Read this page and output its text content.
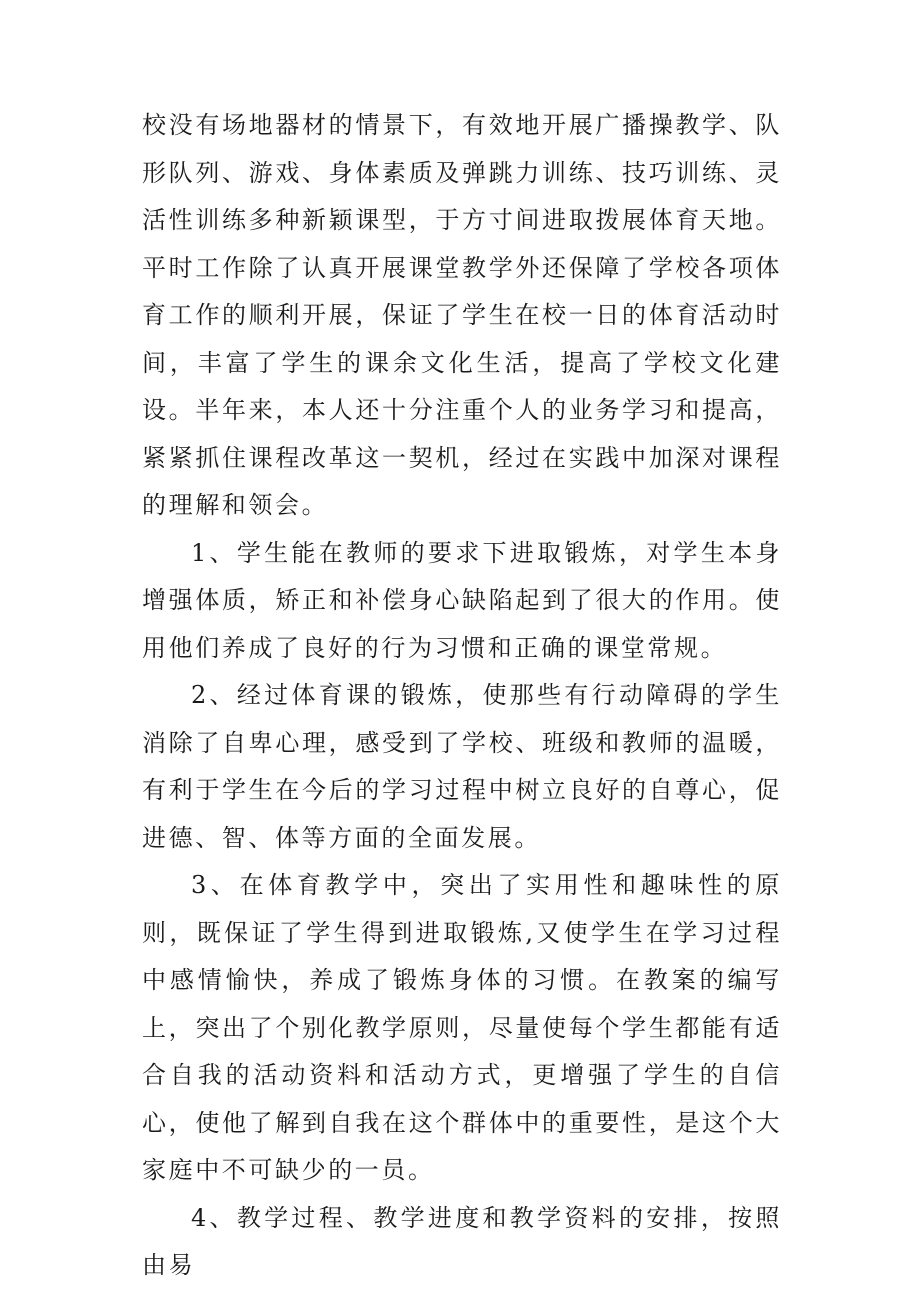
校没有场地器材的情景下，有效地开展广播操教学、队形队列、游戏、身体素质及弹跳力训练、技巧训练、灵活性训练多种新颖课型，于方寸间进取拨展体育天地。平时工作除了认真开展课堂教学外还保障了学校各项体育工作的顺利开展，保证了学生在校一日的体育活动时间，丰富了学生的课余文化生活，提高了学校文化建设。半年来，本人还十分注重个人的业务学习和提高，紧紧抓住课程改革这一契机，经过在实践中加深对课程的理解和领会。

1、学生能在教师的要求下进取锻炼，对学生本身增强体质，矫正和补偿身心缺陷起到了很大的作用。使用他们养成了良好的行为习惯和正确的课堂常规。

2、经过体育课的锻炼，使那些有行动障碍的学生消除了自卑心理，感受到了学校、班级和教师的温暖，有利于学生在今后的学习过程中树立良好的自尊心，促进德、智、体等方面的全面发展。

3、在体育教学中，突出了实用性和趣味性的原则，既保证了学生得到进取锻炼,又使学生在学习过程中感情愉快，养成了锻炼身体的习惯。在教案的编写上，突出了个别化教学原则，尽量使每个学生都能有适合自我的活动资料和活动方式，更增强了学生的自信心，使他了解到自我在这个群体中的重要性，是这个大家庭中不可缺少的一员。

4、教学过程、教学进度和教学资料的安排，按照由易
